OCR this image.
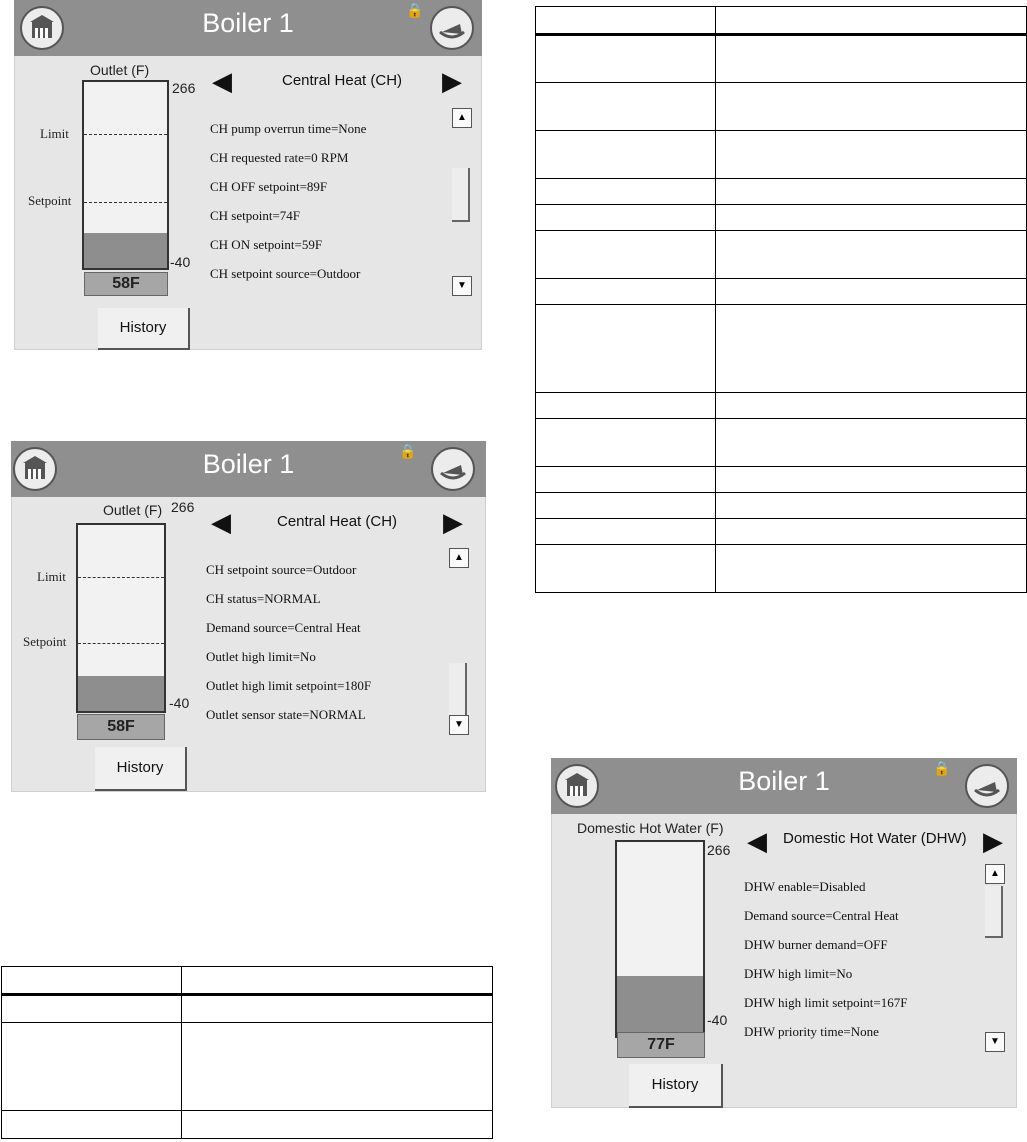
Boiler 1	🔒
Outlet (F)
Limit
Setpoint
266
-40
58F
◀	Central Heat (CH) ▶
CH pump overrun time=None
CH requested rate=0 RPM
CH OFF setpoint=89F
CH setpoint=74F
CH ON setpoint=59F
CH setpoint source=Outdoor
▲
▼
History
Boiler 1	🔒
Outlet (F)
Limit
Setpoint
266
-40
58F
◀	Central Heat (CH) ▶
CH setpoint source=Outdoor
CH status=NORMAL
Demand source=Central Heat
Outlet high limit=No
Outlet high limit setpoint=180F
Outlet sensor state=NORMAL
▲
▼
History	Boiler 1	🔒
Domestic Hot Water (F)
266
-40
77F
◀ Domestic Hot Water (DHW) ▶
DHW enable=Disabled
Demand source=Central Heat
DHW burner demand=OFF
DHW high limit=No
DHW high limit setpoint=167F
DHW priority time=None
▲
▼
History
